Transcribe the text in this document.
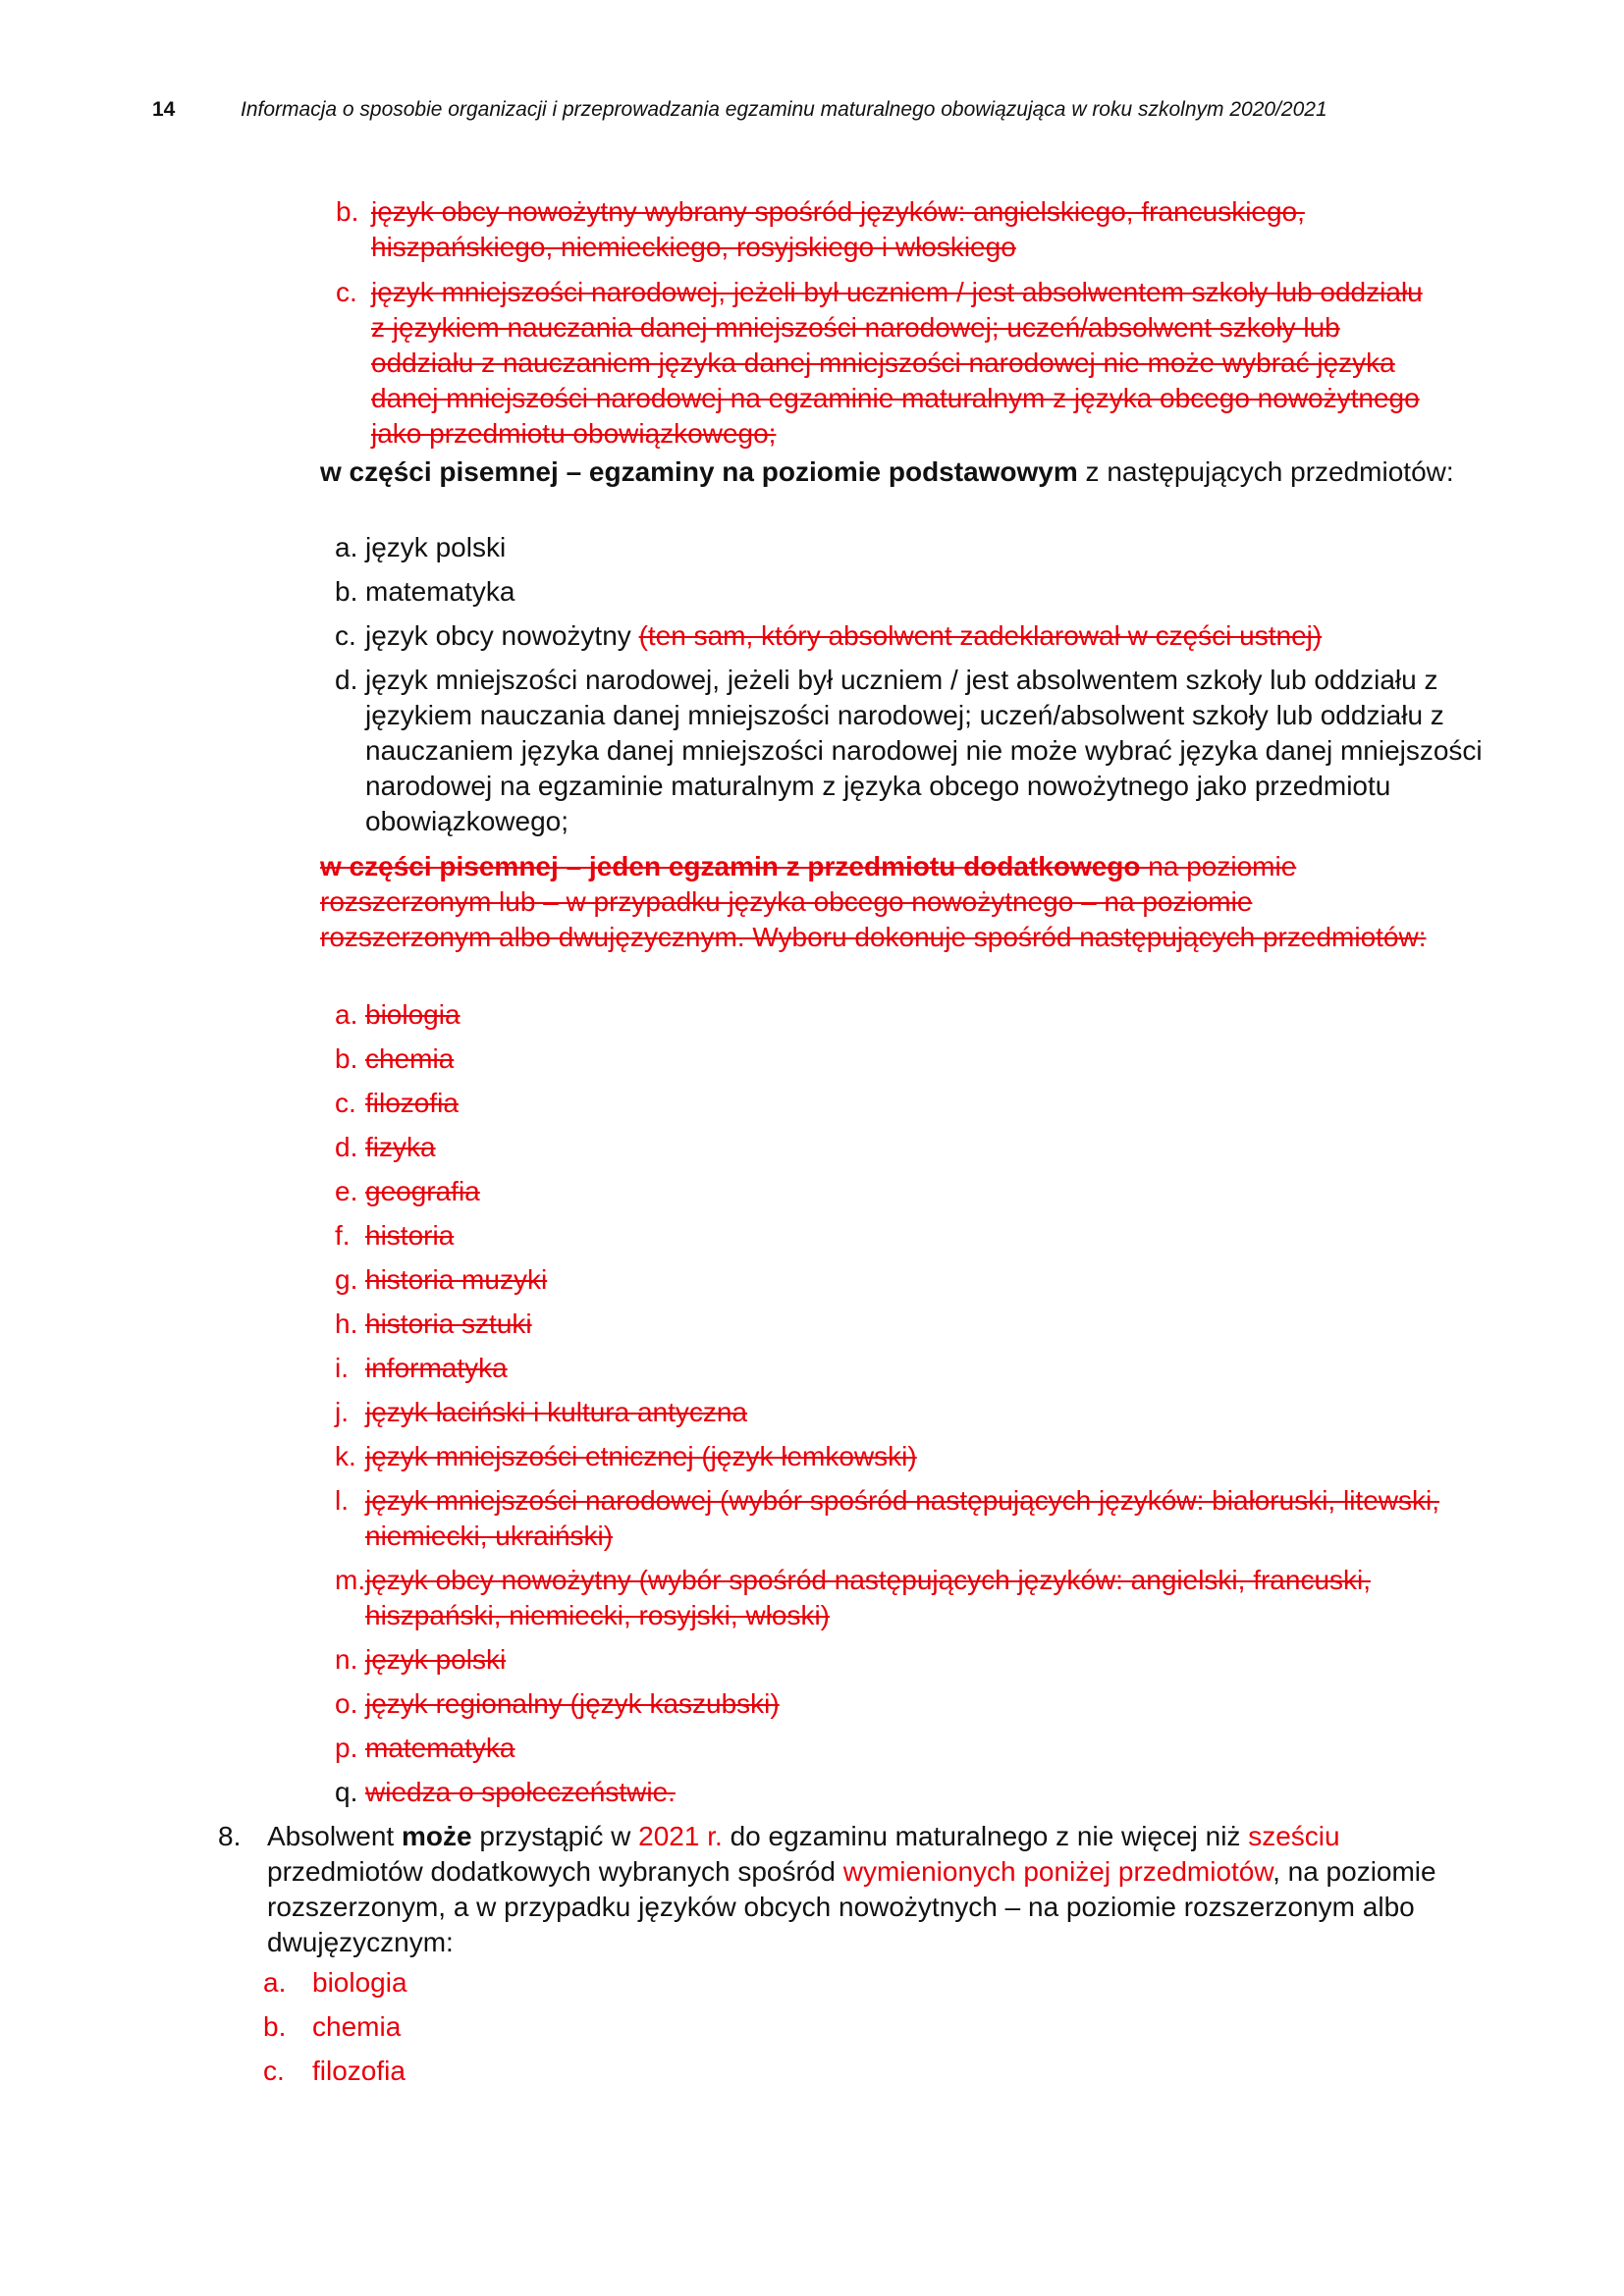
14	Informacja o sposobie organizacji i przeprowadzania egzaminu maturalnego obowiązująca w roku szkolnym 2020/2021
b. język obcy nowożytny wybrany spośród języków: angielskiego, francuskiego, hiszpańskiego, niemieckiego, rosyjskiego i włoskiego
c. język mniejszości narodowej, jeżeli był uczniem / jest absolwentem szkoły lub oddziału z językiem nauczania danej mniejszości narodowej; uczeń/absolwent szkoły lub oddziału z nauczaniem języka danej mniejszości narodowej nie może wybrać języka danej mniejszości narodowej na egzaminie maturalnym z języka obcego nowożytnego jako przedmiotu obowiązkowego;
w części pisemnej – egzaminy na poziomie podstawowym z następujących przedmiotów:
a. język polski
b. matematyka
c. język obcy nowożytny (ten sam, który absolwent zadeklarował w części ustnej)
d. język mniejszości narodowej, jeżeli był uczniem / jest absolwentem szkoły lub oddziału z językiem nauczania danej mniejszości narodowej; uczeń/absolwent szkoły lub oddziału z nauczaniem języka danej mniejszości narodowej nie może wybrać języka danej mniejszości narodowej na egzaminie maturalnym z języka obcego nowożytnego jako przedmiotu obowiązkowego;
w części pisemnej – jeden egzamin z przedmiotu dodatkowego na poziomie rozszerzonym lub – w przypadku języka obcego nowożytnego – na poziomie rozszerzonym albo dwujęzycznym. Wyboru dokonuje spośród następujących przedmiotów:
a. biologia
b. chemia
c. filozofia
d. fizyka
e. geografia
f. historia
g. historia muzyki
h. historia sztuki
i. informatyka
j. język łaciński i kultura antyczna
k. język mniejszości etnicznej (język łemkowski)
l. język mniejszości narodowej (wybór spośród następujących języków: białoruski, litewski, niemiecki, ukraiński)
m. język obcy nowożytny (wybór spośród następujących języków: angielski, francuski, hiszpański, niemiecki, rosyjski, włoski)
n. język polski
o. język regionalny (język kaszubski)
p. matematyka
q. wiedza o społeczeństwie.
8. Absolwent może przystąpić w 2021 r. do egzaminu maturalnego z nie więcej niż sześciu przedmiotów dodatkowych wybranych spośród wymienionych poniżej przedmiotów, na poziomie rozszerzonym, a w przypadku języków obcych nowożytnych – na poziomie rozszerzonym albo dwujęzycznym:
a. biologia
b. chemia
c. filozofia
